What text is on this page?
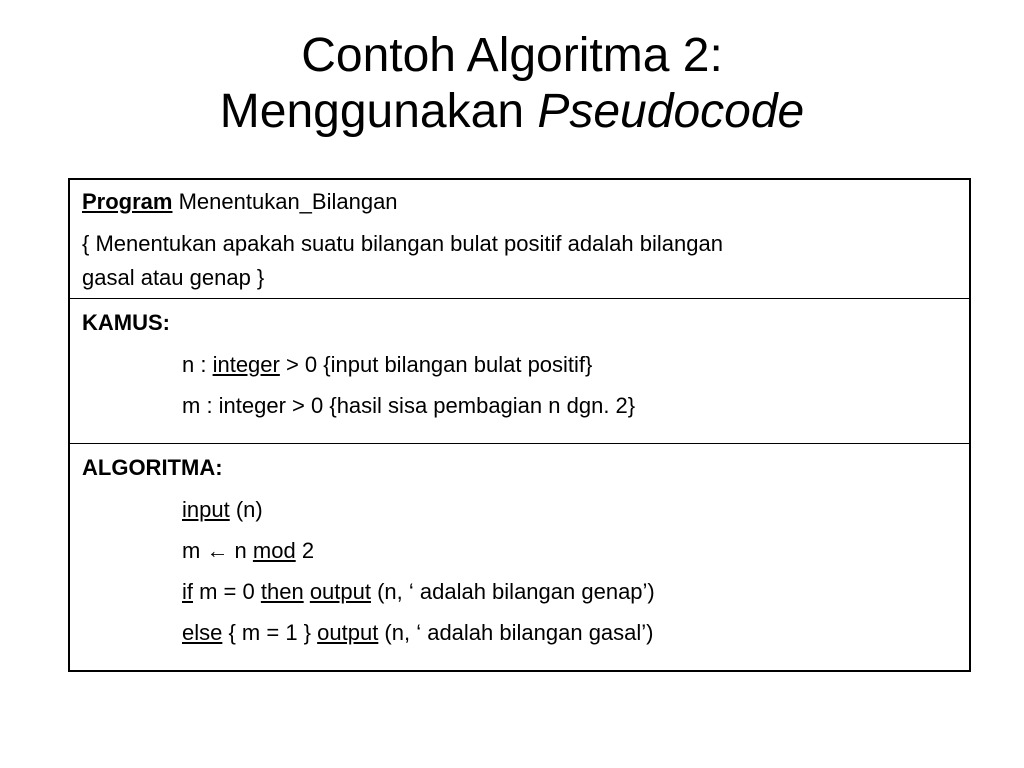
Contoh Algoritma 2:
Menggunakan Pseudocode
Program Menentukan_Bilangan
{ Menentukan apakah suatu bilangan bulat positif adalah bilangan
gasal atau genap }
KAMUS:
n : integer > 0 {input bilangan bulat positif}
m : integer > 0 {hasil sisa pembagian n dgn. 2}
ALGORITMA:
input (n)
m ← n mod 2
if m = 0 then output (n, ‘ adalah bilangan genap’)
else { m = 1 } output (n, ‘ adalah bilangan gasal’)
